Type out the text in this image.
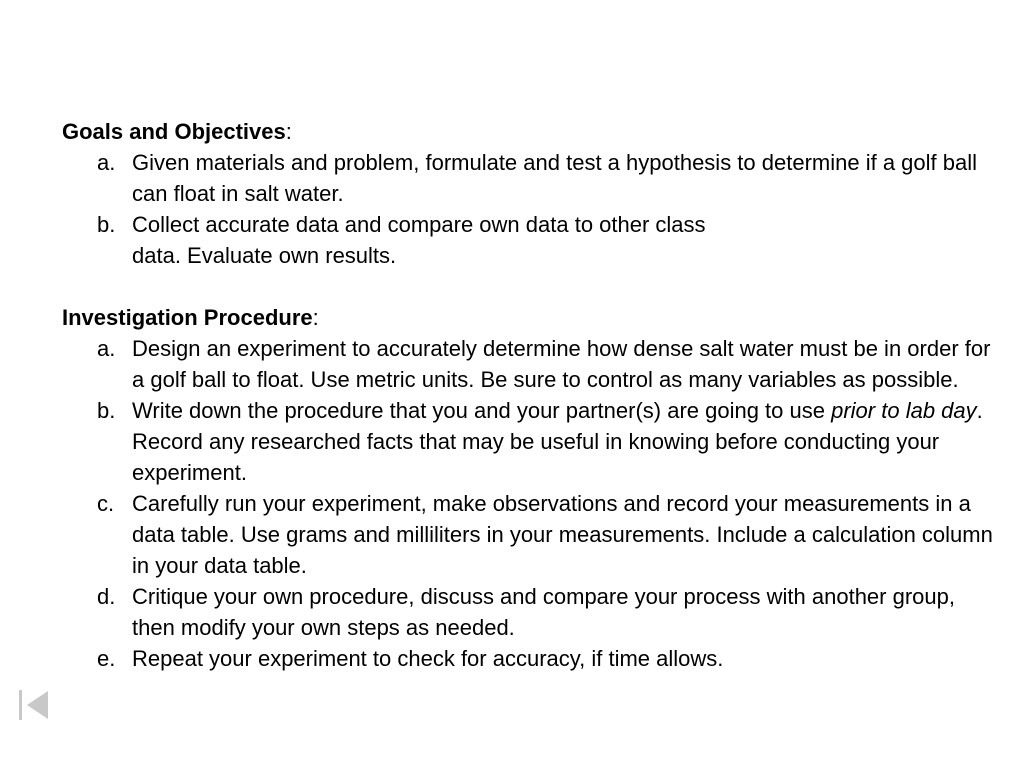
Goals and Objectives:
a. Given materials and problem, formulate and test a hypothesis to determine if a golf ball can float in salt water.
b. Collect accurate data and compare own data to other class
data. Evaluate own results.
Investigation Procedure:
a. Design an experiment to accurately determine how dense salt water must be in order for a golf ball to float. Use metric units. Be sure to control as many variables as possible.
b. Write down the procedure that you and your partner(s) are going to use prior to lab day. Record any researched facts that may be useful in knowing before conducting your experiment.
c. Carefully run your experiment, make observations and record your measurements in a data table. Use grams and milliliters in your measurements. Include a calculation column in your data table.
d. Critique your own procedure, discuss and compare your process with another group, then modify your own steps as needed.
e. Repeat your experiment to check for accuracy, if time allows.
